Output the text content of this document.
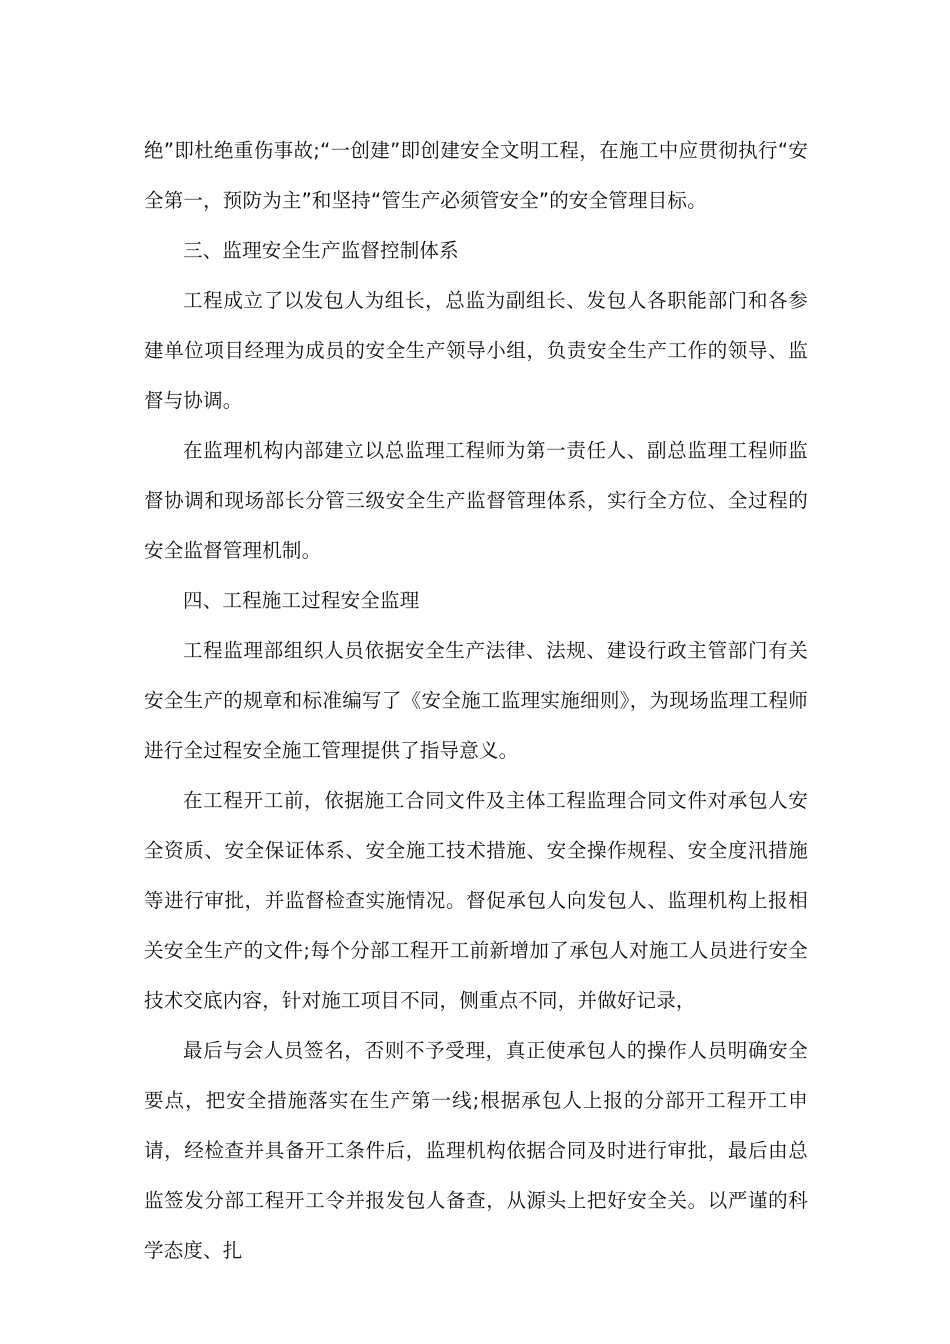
绝”即杜绝重伤事故;“一创建”即创建安全文明工程，在施工中应贯彻执行“安全第一，预防为主”和坚持“管生产必须管安全”的安全管理目标。

三、监理安全生产监督控制体系

工程成立了以发包人为组长，总监为副组长、发包人各职能部门和各参建单位项目经理为成员的安全生产领导小组，负责安全生产工作的领导、监督与协调。

在监理机构内部建立以总监理工程师为第一责任人、副总监理工程师监督协调和现场部长分管三级安全生产监督管理体系，实行全方位、全过程的安全监督管理机制。

四、工程施工过程安全监理

工程监理部组织人员依据安全生产法律、法规、建设行政主管部门有关安全生产的规章和标准编写了《安全施工监理实施细则》，为现场监理工程师进行全过程安全施工管理提供了指导意义。

在工程开工前，依据施工合同文件及主体工程监理合同文件对承包人安全资质、安全保证体系、安全施工技术措施、安全操作规程、安全度汛措施等进行审批，并监督检查实施情况。督促承包人向发包人、监理机构上报相关安全生产的文件;每个分部工程开工前新增加了承包人对施工人员进行安全技术交底内容，针对施工项目不同，侧重点不同，并做好记录，

最后与会人员签名，否则不予受理，真正使承包人的操作人员明确安全要点，把安全措施落实在生产第一线;根据承包人上报的分部开工程开工申请，经检查并具备开工条件后，监理机构依据合同及时进行审批，最后由总监签发分部工程开工令并报发包人备查，从源头上把好安全关。以严谨的科学态度、扎
